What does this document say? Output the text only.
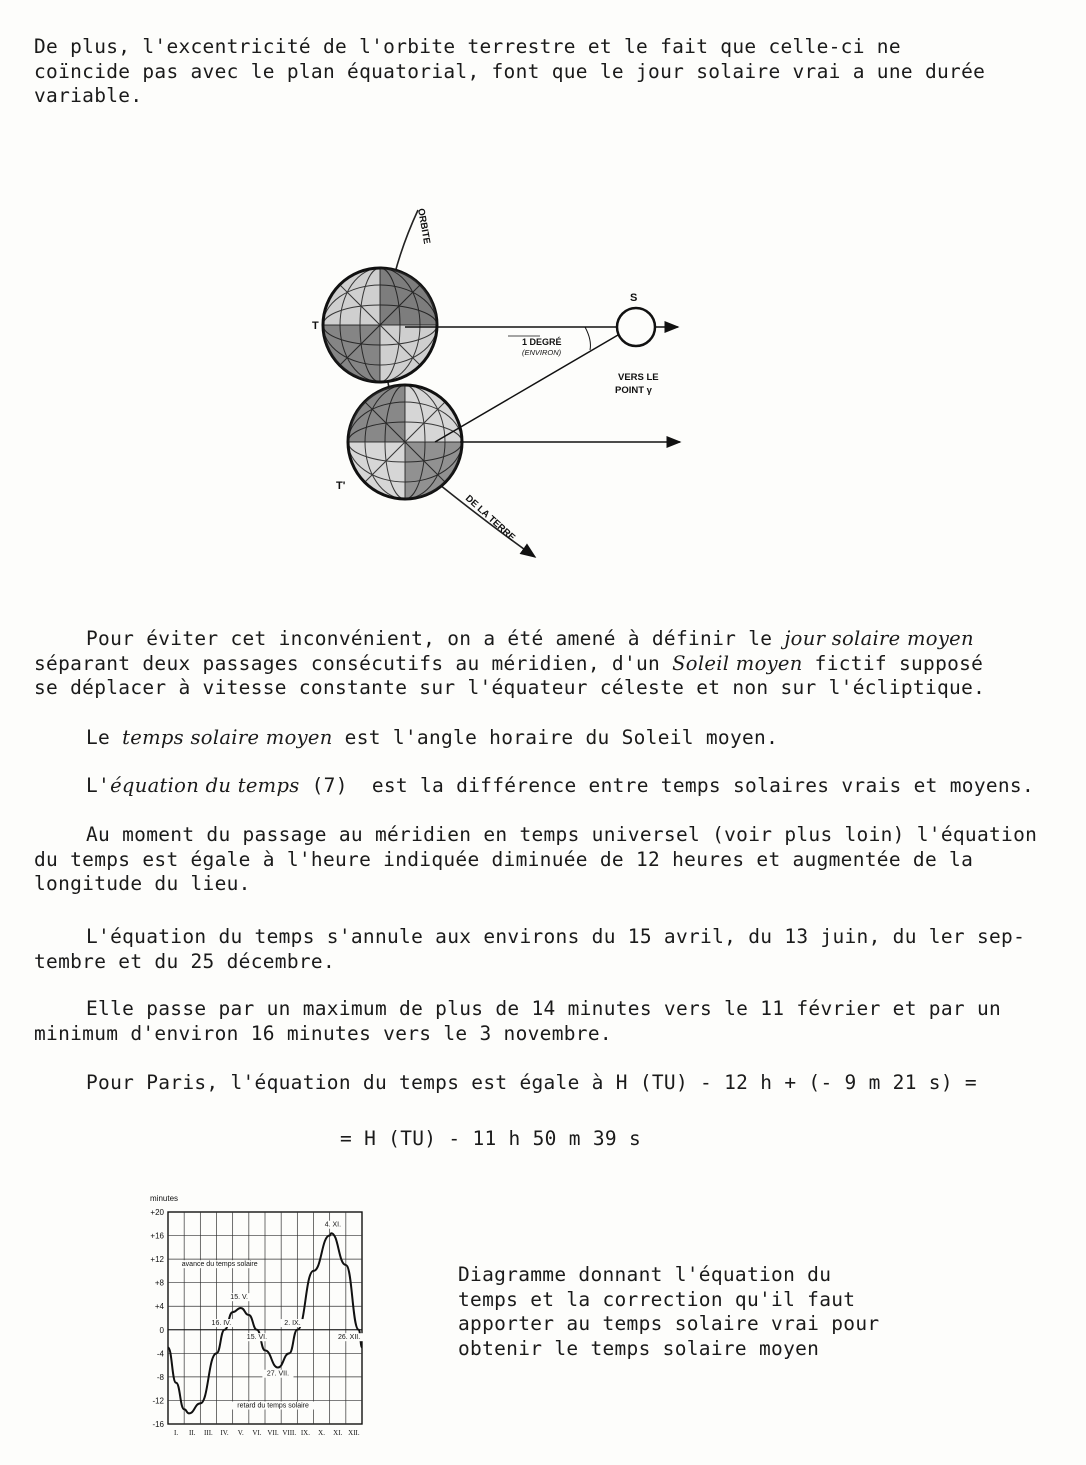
De plus, l'excentricité de l'orbite terrestre et le fait que celle-ci ne
coïncide pas avec le plan équatorial, font que le jour solaire vrai a une durée
variable.

S
T
T'
1 DEGRÉ
(ENVIRON)
VERS LE
POINT γ
ORBITE
DE LA TERRE

Pour éviter cet inconvénient, on a été amené à définir le jour solaire moyen
séparant deux passages consécutifs au méridien, d'un Soleil moyen fictif supposé
se déplacer à vitesse constante sur l'équateur céleste et non sur l'écliptique.

Le temps solaire moyen est l'angle horaire du Soleil moyen.

L'équation du temps (7)  est la différence entre temps solaires vrais et moyens.

Au moment du passage au méridien en temps universel (voir plus loin) l'équation
du temps est égale à l'heure indiquée diminuée de 12 heures et augmentée de la
longitude du lieu.

L'équation du temps s'annule aux environs du 15 avril, du 13 juin, du ler sep-
tembre et du 25 décembre.

Elle passe par un maximum de plus de 14 minutes vers le 11 février et par un
minimum d'environ 16 minutes vers le 3 novembre.

Pour Paris, l'équation du temps est égale à H (TU) - 12 h + (- 9 m 21 s) =

= H (TU) - 11 h 50 m 39 s

minutes
+20
+16
+12
+8
+4
0
-4
-8
-12
-16
I. II. III. IV. V. VI. VII. VIII. IX. X. XI. XII.
avance du temps solaire
retard du temps solaire
4. XI.
15. V.
16. IV.	2. IX.
15. VI.	26. XII.
27. VII.

Diagramme donnant l'équation du
temps et la correction qu'il faut
apporter au temps solaire vrai pour
obtenir le temps solaire moyen
